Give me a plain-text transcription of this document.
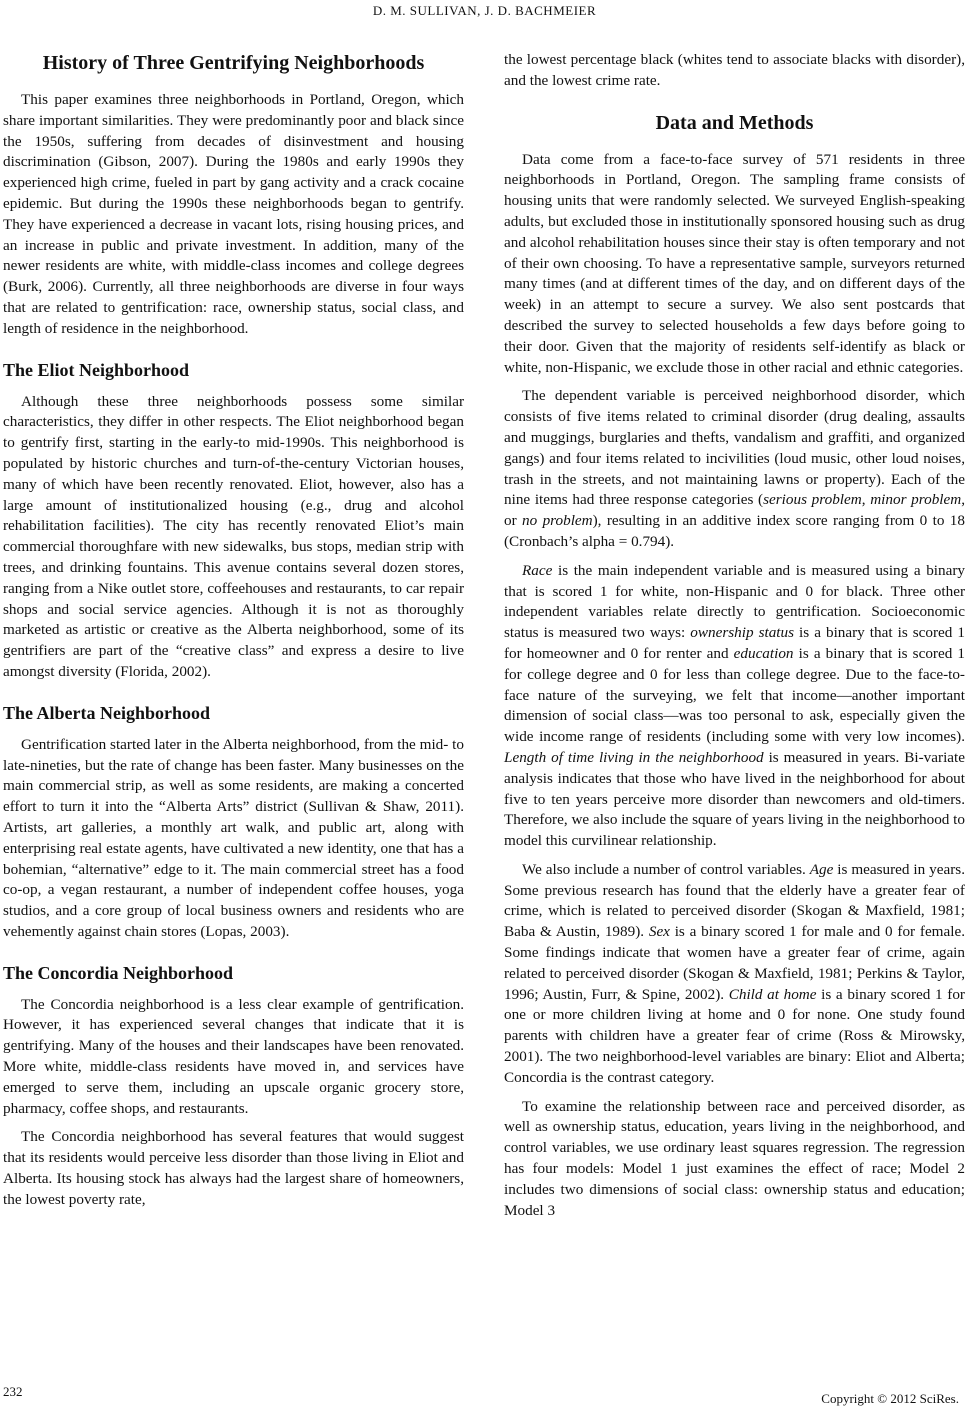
D. M. SULLIVAN, J. D. BACHMEIER
History of Three Gentrifying Neighborhoods

This paper examines three neighborhoods in Portland, Oregon, which share important similarities. They were predominantly poor and black since the 1950s, suffering from decades of disinvestment and housing discrimination (Gibson, 2007). During the 1980s and early 1990s they experienced high crime, fueled in part by gang activity and a crack cocaine epidemic. But during the 1990s these neighborhoods began to gentrify. They have experienced a decrease in vacant lots, rising housing prices, and an increase in public and private investment. In addition, many of the newer residents are white, with middle-class incomes and college degrees (Burk, 2006). Currently, all three neighborhoods are diverse in four ways that are related to gentrification: race, ownership status, social class, and length of residence in the neighborhood.

The Eliot Neighborhood

Although these three neighborhoods possess some similar characteristics, they differ in other respects. The Eliot neighborhood began to gentrify first, starting in the early-to mid-1990s. This neighborhood is populated by historic churches and turn-of-the-century Victorian houses, many of which have been recently renovated. Eliot, however, also has a large amount of institutionalized housing (e.g., drug and alcohol rehabilitation facilities). The city has recently renovated Eliot’s main commercial thoroughfare with new sidewalks, bus stops, median strip with trees, and drinking fountains. This avenue contains several dozen stores, ranging from a Nike outlet store, coffeehouses and restaurants, to car repair shops and social service agencies. Although it is not as thoroughly marketed as artistic or creative as the Alberta neighborhood, some of its gentrifiers are part of the “creative class” and express a desire to live amongst diversity (Florida, 2002).

The Alberta Neighborhood

Gentrification started later in the Alberta neighborhood, from the mid- to late-nineties, but the rate of change has been faster. Many businesses on the main commercial strip, as well as some residents, are making a concerted effort to turn it into the “Alberta Arts” district (Sullivan & Shaw, 2011). Artists, art galleries, a monthly art walk, and public art, along with enterprising real estate agents, have cultivated a new identity, one that has a bohemian, “alternative” edge to it. The main commercial street has a food co-op, a vegan restaurant, a number of independent coffee houses, yoga studios, and a core group of local business owners and residents who are vehemently against chain stores (Lopas, 2003).

The Concordia Neighborhood

The Concordia neighborhood is a less clear example of gentrification. However, it has experienced several changes that indicate that it is gentrifying. Many of the houses and their landscapes have been renovated. More white, middle-class residents have moved in, and services have emerged to serve them, including an upscale organic grocery store, pharmacy, coffee shops, and restaurants.

The Concordia neighborhood has several features that would suggest that its residents would perceive less disorder than those living in Eliot and Alberta. Its housing stock has always had the largest share of homeowners, the lowest poverty rate,

the lowest percentage black (whites tend to associate blacks with disorder), and the lowest crime rate.

Data and Methods

Data come from a face-to-face survey of 571 residents in three neighborhoods in Portland, Oregon. The sampling frame consists of housing units that were randomly selected. We surveyed English-speaking adults, but excluded those in institutionally sponsored housing such as drug and alcohol rehabilitation houses since their stay is often temporary and not of their own choosing. To have a representative sample, surveyors returned many times (and at different times of the day, and on different days of the week) in an attempt to secure a survey. We also sent postcards that described the survey to selected households a few days before going to their door. Given that the majority of residents self-identify as black or white, non-Hispanic, we exclude those in other racial and ethnic categories.

The dependent variable is perceived neighborhood disorder, which consists of five items related to criminal disorder (drug dealing, assaults and muggings, burglaries and thefts, vandalism and graffiti, and organized gangs) and four items related to incivilities (loud music, other loud noises, trash in the streets, and not maintaining lawns or property). Each of the nine items had three response categories (serious problem, minor problem, or no problem), resulting in an additive index score ranging from 0 to 18 (Cronbach’s alpha = 0.794).

Race is the main independent variable and is measured using a binary that is scored 1 for white, non-Hispanic and 0 for black. Three other independent variables relate directly to gentrification. Socioeconomic status is measured two ways: ownership status is a binary that is scored 1 for homeowner and 0 for renter and education is a binary that is scored 1 for college degree and 0 for less than college degree. Due to the face-to-face nature of the surveying, we felt that income—another important dimension of social class—was too personal to ask, especially given the wide income range of residents (including some with very low incomes). Length of time living in the neighborhood is measured in years. Bi-variate analysis indicates that those who have lived in the neighborhood for about five to ten years perceive more disorder than newcomers and old-timers. Therefore, we also include the square of years living in the neighborhood to model this curvilinear relationship.

We also include a number of control variables. Age is measured in years. Some previous research has found that the elderly have a greater fear of crime, which is related to perceived disorder (Skogan & Maxfield, 1981; Baba & Austin, 1989). Sex is a binary scored 1 for male and 0 for female. Some findings indicate that women have a greater fear of crime, again related to perceived disorder (Skogan & Maxfield, 1981; Perkins & Taylor, 1996; Austin, Furr, & Spine, 2002). Child at home is a binary scored 1 for one or more children living at home and 0 for none. One study found parents with children have a greater fear of crime (Ross & Mirowsky, 2001). The two neighborhood-level variables are binary: Eliot and Alberta; Concordia is the contrast category.

To examine the relationship between race and perceived disorder, as well as ownership status, education, years living in the neighborhood, and control variables, we use ordinary least squares regression. The regression has four models: Model 1 just examines the effect of race; Model 2 includes two dimensions of social class: ownership status and education; Model 3

232	Copyright © 2012 SciRes.
